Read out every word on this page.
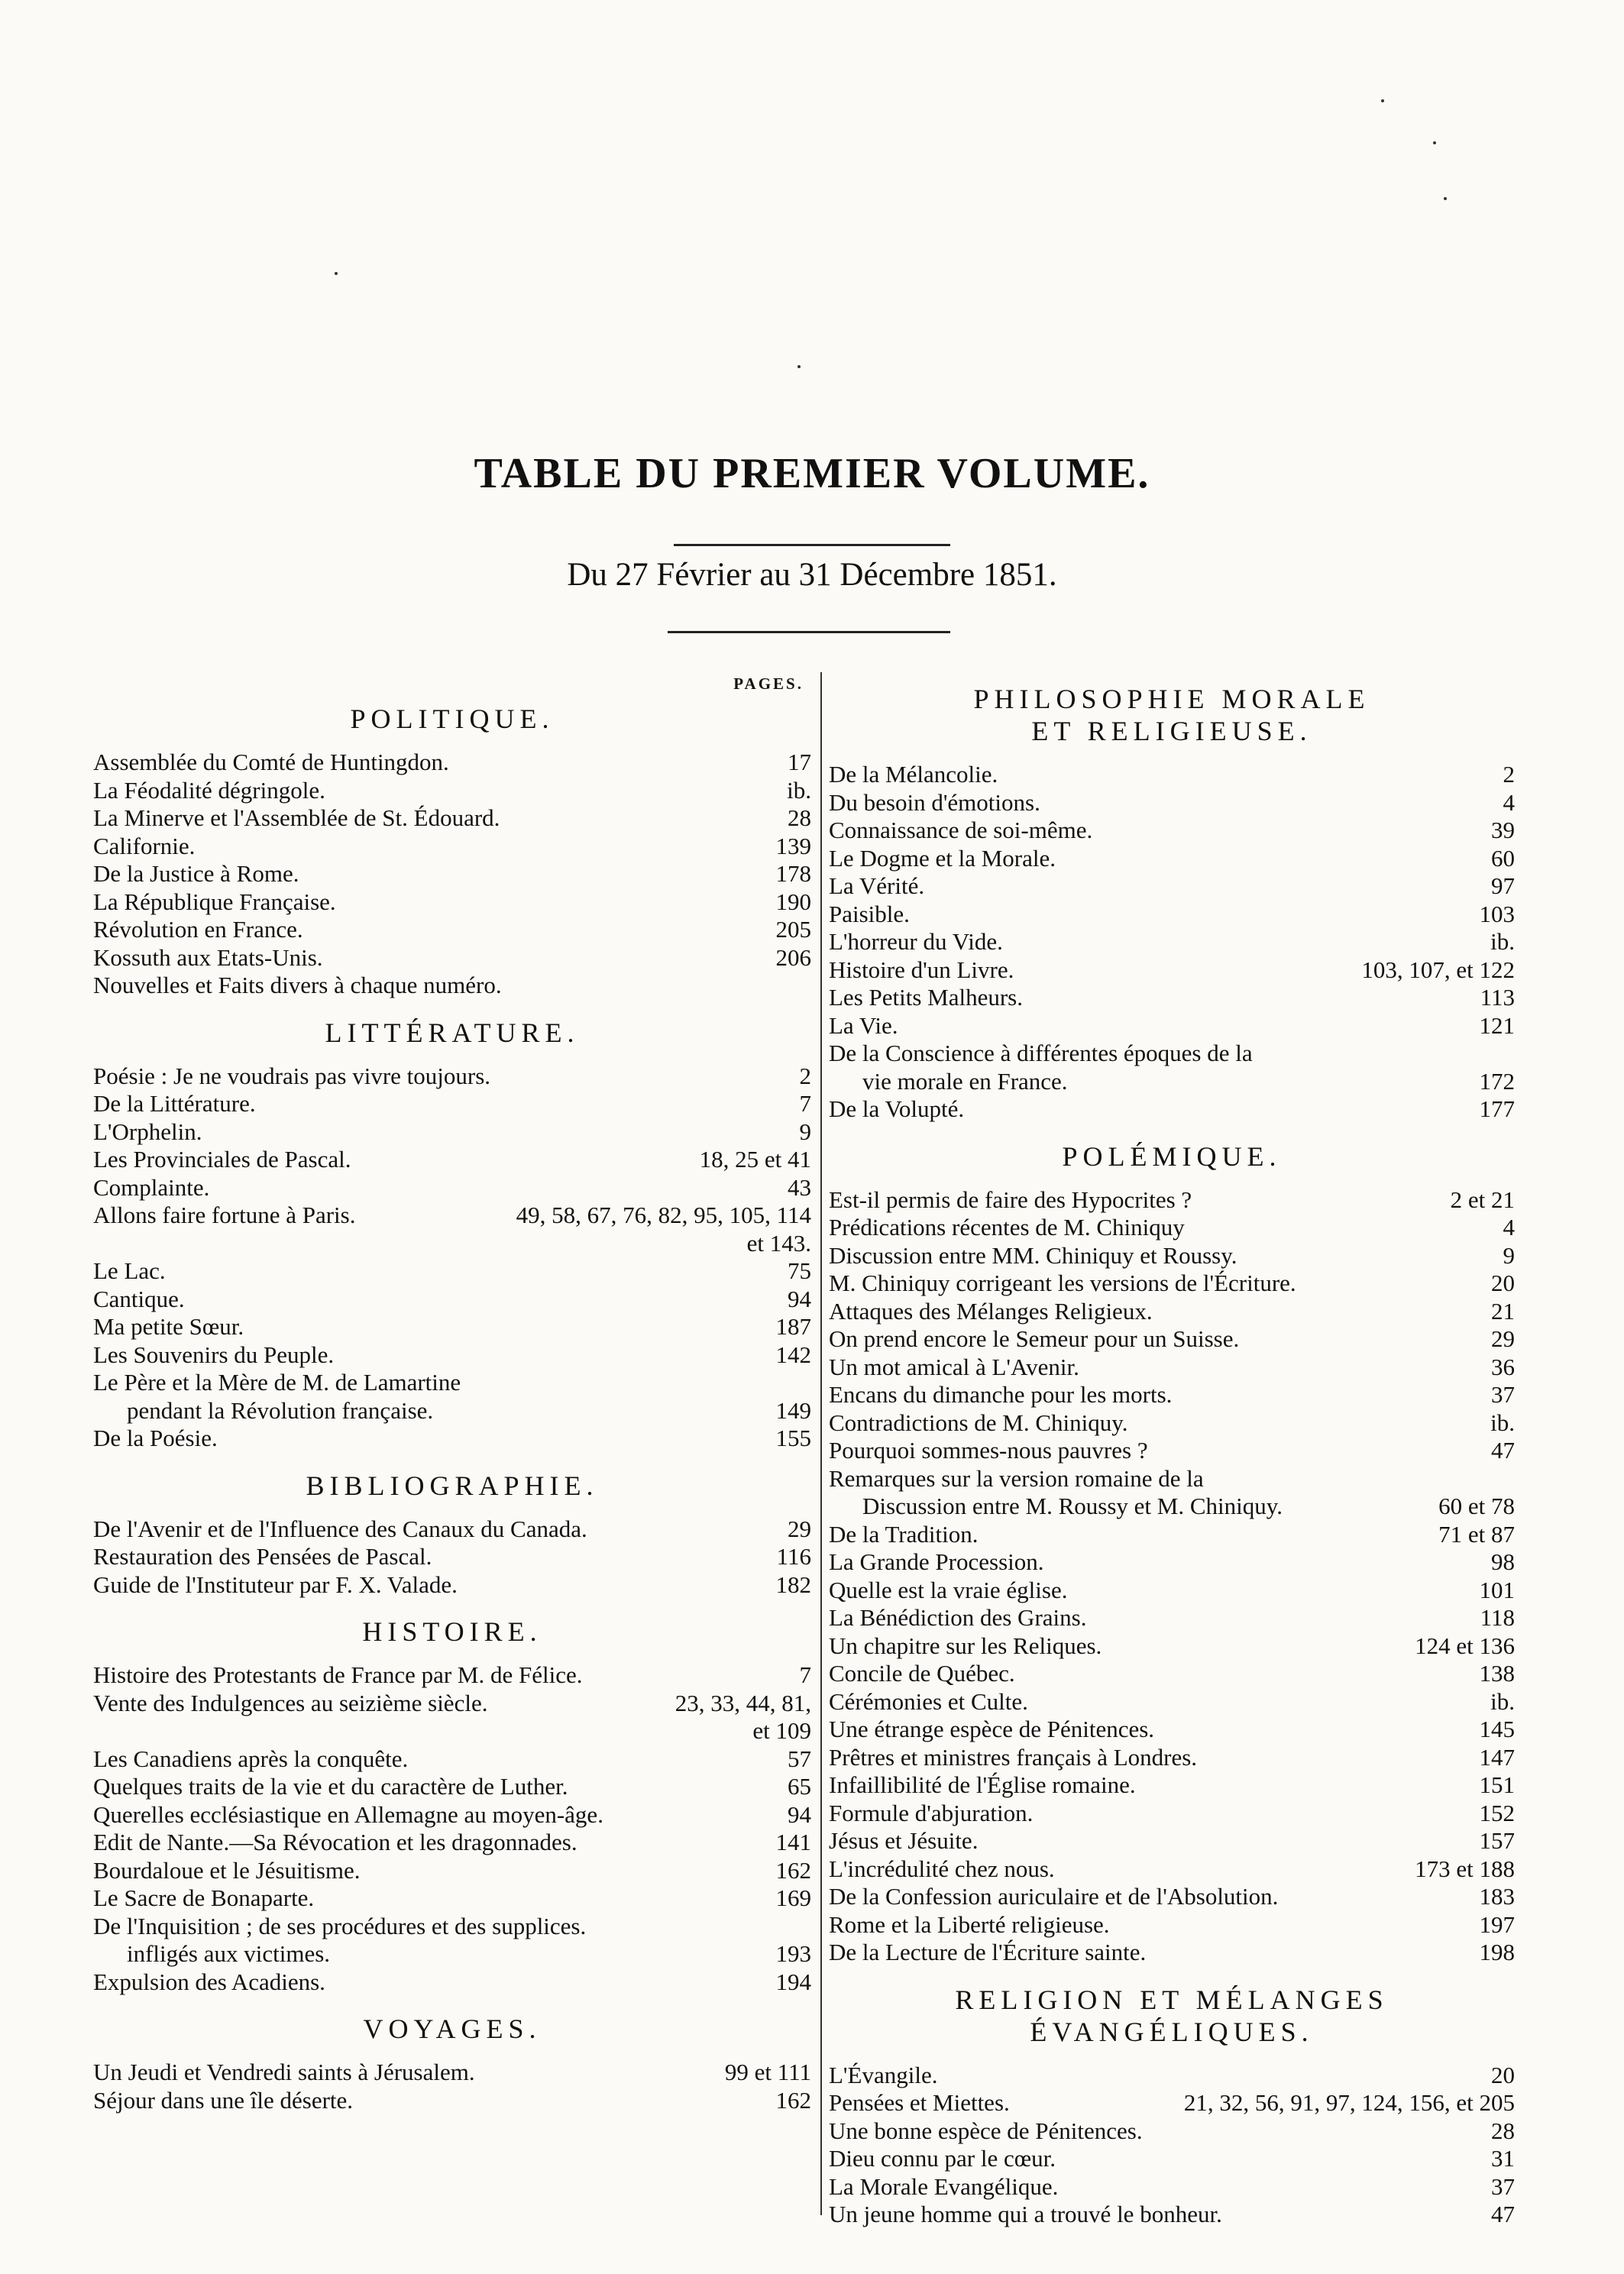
TABLE DU PREMIER VOLUME.

Du 27 Février au 31 Décembre 1851.

PAGES.
POLITIQUE.
Assemblée du Comté de Huntingdon.	17
La Féodalité dégringole.	ib.
La Minerve et l'Assemblée de St. Édouard.	28
Californie.	139
De la Justice à Rome.	178
La République Française.	190
Révolution en France.	205
Kossuth aux Etats-Unis.	206
Nouvelles et Faits divers à chaque numéro.
LITTÉRATURE.
Poésie : Je ne voudrais pas vivre toujours.	2
De la Littérature.	7
L'Orphelin.	9
Les Provinciales de Pascal.	18, 25 et 41
Complainte.	43
Allons faire fortune à Paris.	49, 58, 67, 76, 82, 95, 105, 114
et 143.
Le Lac.	75
Cantique.	94
Ma petite Sœur.	187
Les Souvenirs du Peuple.	142
Le Père et la Mère de M. de Lamartine
pendant la Révolution française.	149
De la Poésie.	155
BIBLIOGRAPHIE.
De l'Avenir et de l'Influence des Canaux du Canada.	29
Restauration des Pensées de Pascal.	116
Guide de l'Instituteur par F. X. Valade.	182
HISTOIRE.
Histoire des Protestants de France par M. de Félice.	7
Vente des Indulgences au seizième siècle.	23, 33, 44, 81,
et 109
Les Canadiens après la conquête.	57
Quelques traits de la vie et du caractère de Luther.	65
Querelles ecclésiastique en Allemagne au moyen-âge.	94
Edit de Nante.—Sa Révocation et les dragonnades.	141
Bourdaloue et le Jésuitisme.	162
Le Sacre de Bonaparte.	169
De l'Inquisition ; de ses procédures et des supplices.
infligés aux victimes.	193
Expulsion des Acadiens.	194
VOYAGES.
Un Jeudi et Vendredi saints à Jérusalem.	99 et 111
Séjour dans une île déserte.	162
PHILOSOPHIE MORALE
ET RELIGIEUSE.
De la Mélancolie.	2
Du besoin d'émotions.	4
Connaissance de soi-même.	39
Le Dogme et la Morale.	60
La Vérité.	97
Paisible.	103
L'horreur du Vide.	ib.
Histoire d'un Livre.	103, 107, et 122
Les Petits Malheurs.	113
La Vie.	121
De la Conscience à différentes époques de la
vie morale en France.	172
De la Volupté.	177
POLÉMIQUE.
Est-il permis de faire des Hypocrites ?	2 et 21
Prédications récentes de M. Chiniquy	4
Discussion entre MM. Chiniquy et Roussy.	9
M. Chiniquy corrigeant les versions de l'Écriture.	20
Attaques des Mélanges Religieux.	21
On prend encore le Semeur pour un Suisse.	29
Un mot amical à L'Avenir.	36
Encans du dimanche pour les morts.	37
Contradictions de M. Chiniquy.	ib.
Pourquoi sommes-nous pauvres ?	47
Remarques sur la version romaine de la
Discussion entre M. Roussy et M. Chiniquy.	60 et 78
De la Tradition.	71 et 87
La Grande Procession.	98
Quelle est la vraie église.	101
La Bénédiction des Grains.	118
Un chapitre sur les Reliques.	124 et 136
Concile de Québec.	138
Cérémonies et Culte.	ib.
Une étrange espèce de Pénitences.	145
Prêtres et ministres français à Londres.	147
Infaillibilité de l'Église romaine.	151
Formule d'abjuration.	152
Jésus et Jésuite.	157
L'incrédulité chez nous.	173 et 188
De la Confession auriculaire et de l'Absolution.	183
Rome et la Liberté religieuse.	197
De la Lecture de l'Écriture sainte.	198
RELIGION ET MÉLANGES
ÉVANGÉLIQUES.
L'Évangile.	20
Pensées et Miettes.	21, 32, 56, 91, 97, 124, 156, et 205
Une bonne espèce de Pénitences.	28
Dieu connu par le cœur.	31
La Morale Evangélique.	37
Un jeune homme qui a trouvé le bonheur.	47
